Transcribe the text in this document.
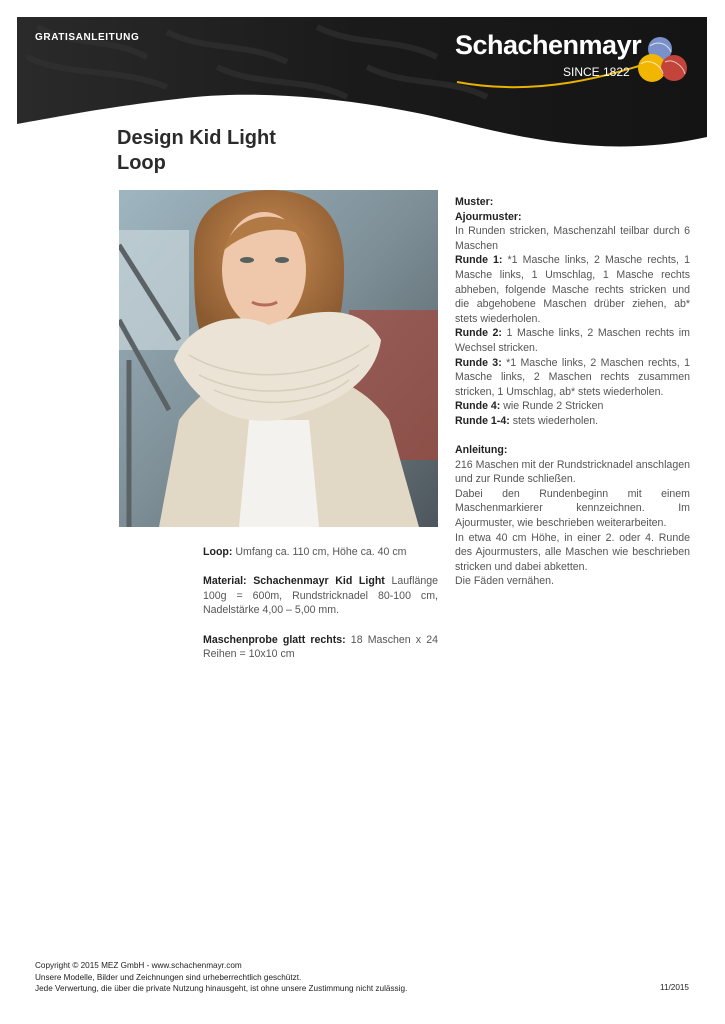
GRATISANLEITUNG	Schachenmayr
SINCE 1822
Design Kid Light
Loop

Loop: Umfang ca. 110 cm, Höhe ca. 40 cm

Material: Schachenmayr Kid Light Lauflänge 100g = 600m, Rundstricknadel 80-100 cm, Nadelstärke 4,00 – 5,00 mm.

Maschenprobe glatt rechts: 18 Maschen x 24 Reihen = 10x10 cm

Muster:

Ajourmuster:

In Runden stricken, Maschenzahl teilbar durch 6 Maschen

Runde 1: *1 Masche links, 2 Masche rechts, 1 Masche links, 1 Umschlag, 1 Masche rechts abheben, folgende Masche rechts stricken und die abgehobene Maschen drüber ziehen, ab* stets wiederholen.

Runde 2: 1 Masche links, 2 Maschen rechts im Wechsel stricken.

Runde 3: *1 Masche links, 2 Maschen rechts, 1 Masche links, 2 Maschen rechts zusammen stricken, 1 Umschlag, ab* stets wiederholen.

Runde 4: wie Runde 2 Stricken

Runde 1-4: stets wiederholen.

Anleitung:

216 Maschen mit der Rundstricknadel anschlagen und zur Runde schließen.

Dabei den Rundenbeginn mit einem Maschenmarkierer kennzeichnen. Im Ajourmuster, wie beschrieben weiterarbeiten.

In etwa 40 cm Höhe, in einer 2. oder 4. Runde des Ajourmusters, alle Maschen wie beschrieben stricken und dabei abketten.

Die Fäden vernähen.

Copyright © 2015 MEZ GmbH - www.schachenmayr.com
Unsere Modelle, Bilder und Zeichnungen sind urheberrechtlich geschützt.
Jede Verwertung, die über die private Nutzung hinausgeht, ist ohne unsere Zustimmung nicht zulässig.	11/2015
